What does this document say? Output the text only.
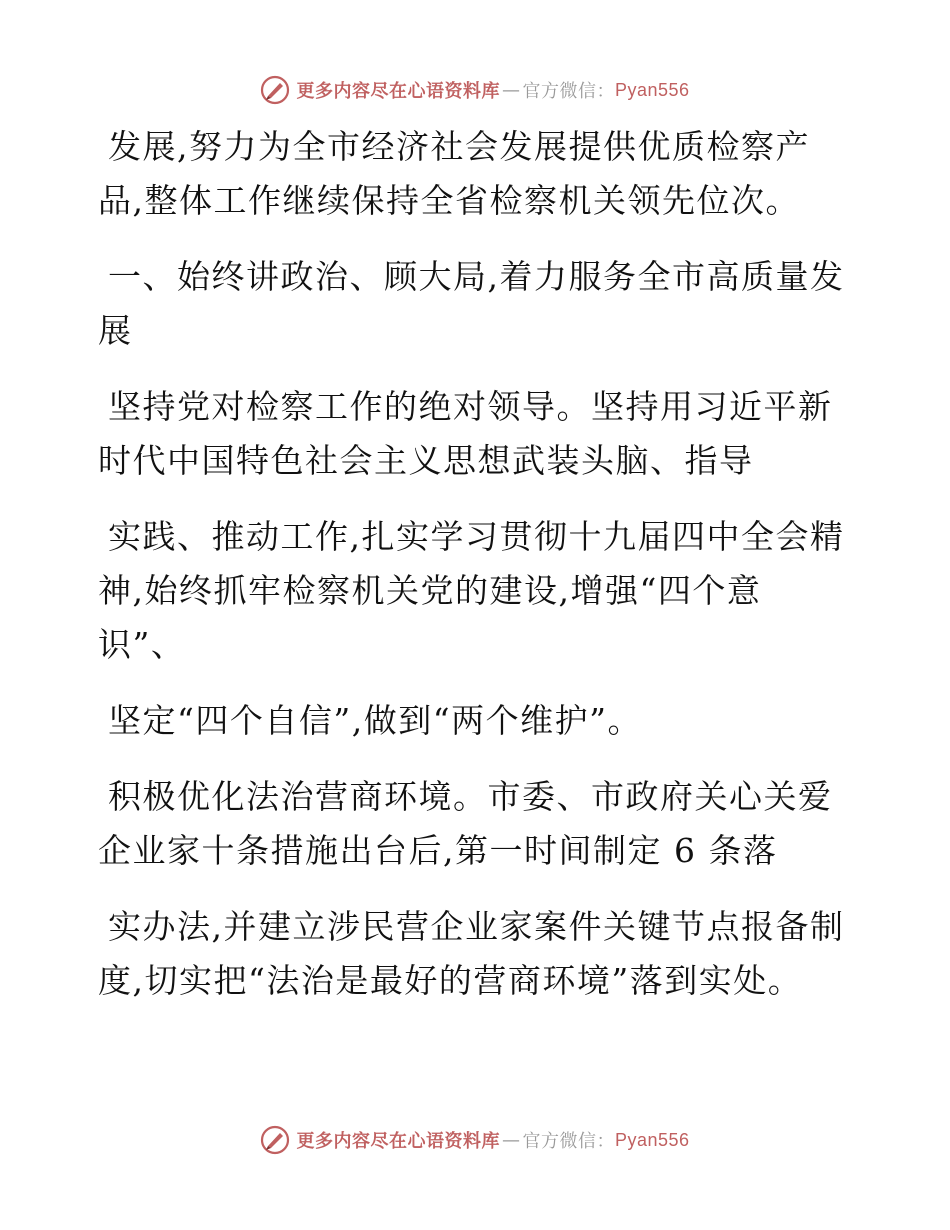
更多内容尽在心语资料库 — 官方微信： Pyan556

发展,努力为全市经济社会发展提供优质检察产
品,整体工作继续保持全省检察机关领先位次。

一、始终讲政治、顾大局,着力服务全市高质量发
展

坚持党对检察工作的绝对领导。坚持用习近平新
时代中国特色社会主义思想武装头脑、指导

实践、推动工作,扎实学习贯彻十九届四中全会精
神,始终抓牢检察机关党的建设,增强“四个意
识”、

坚定“四个自信”,做到“两个维护”。

积极优化法治营商环境。市委、市政府关心关爱
企业家十条措施出台后,第一时间制定 6 条落

实办法,并建立涉民营企业家案件关键节点报备制
度,切实把“法治是最好的营商环境”落到实处。

更多内容尽在心语资料库 — 官方微信： Pyan556
